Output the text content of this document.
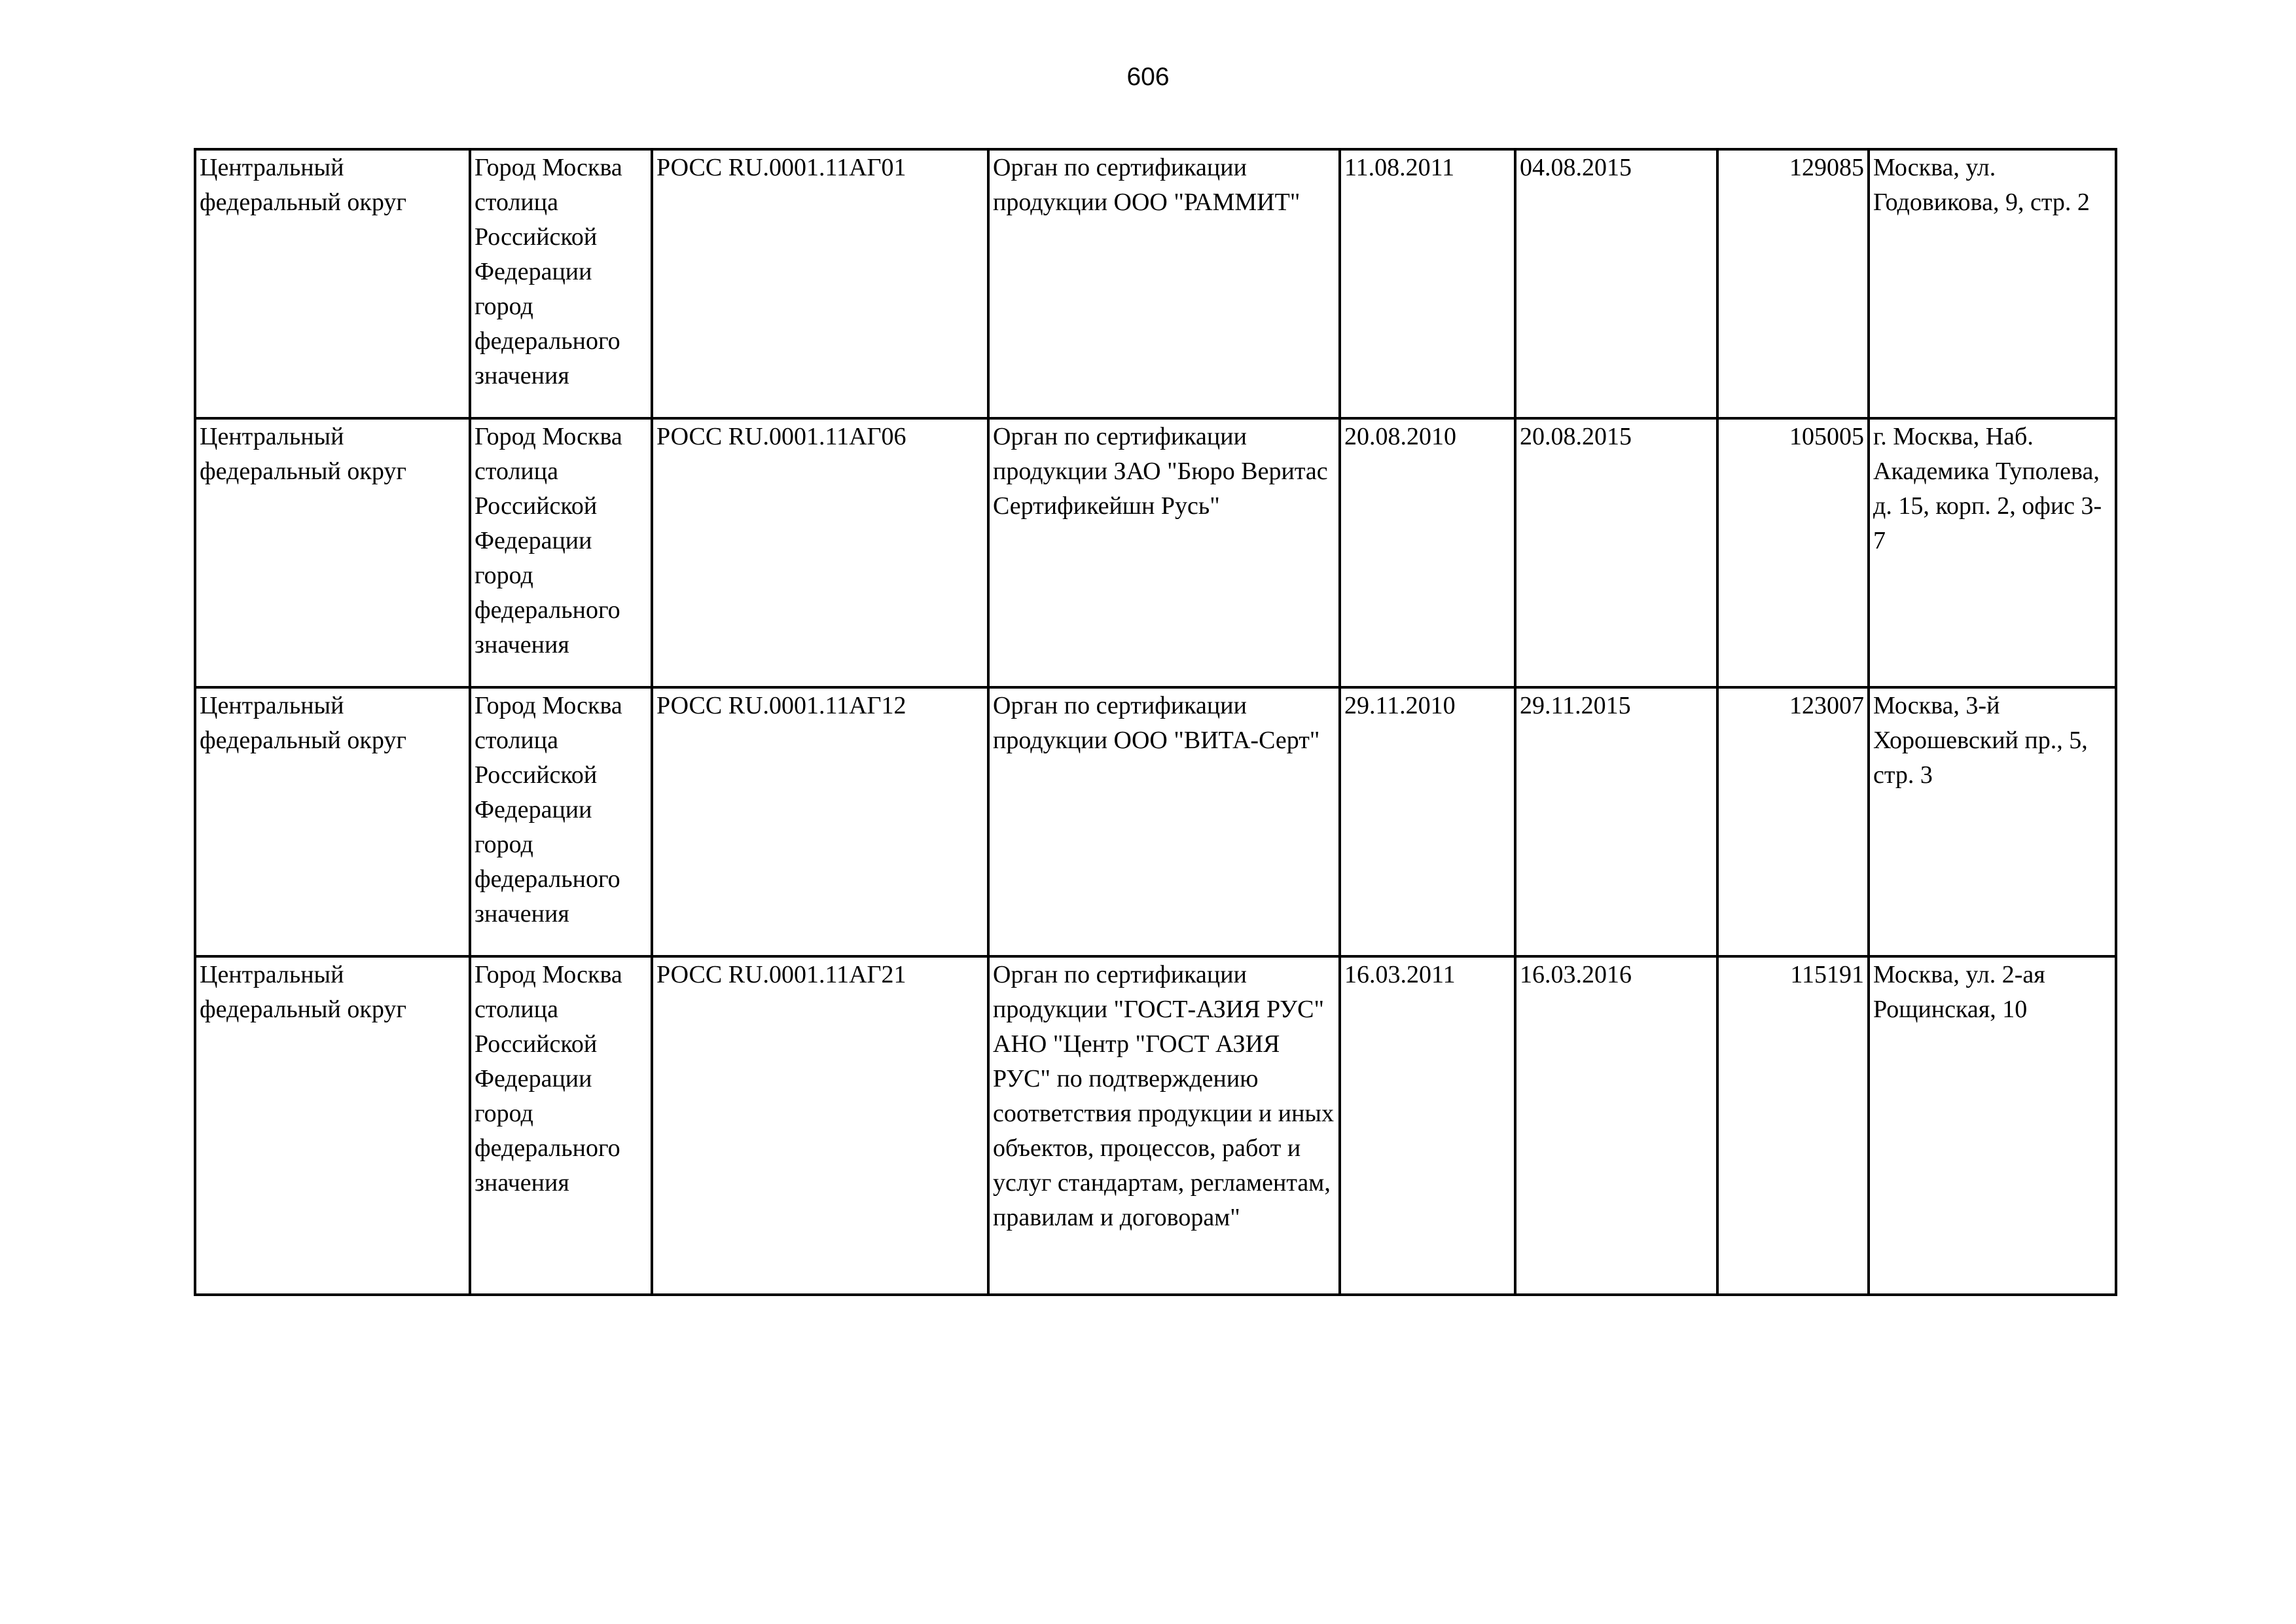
606
Центральный федеральный округ	Город Москва столица Российской Федерации город федерального значения	РОСС RU.0001.11АГ01	Орган по сертификации продукции ООО "РАММИТ"	11.08.2011	04.08.2015	129085	Москва, ул. Годовикова, 9, стр. 2

Центральный федеральный округ	Город Москва столица Российской Федерации город федерального значения	РОСС RU.0001.11АГ06	Орган по сертификации продукции ЗАО "Бюро Веритас Сертификейшн Русь"	20.08.2010	20.08.2015	105005	г. Москва, Наб. Академика Туполева, д. 15, корп. 2, офис 3-7

Центральный федеральный округ	Город Москва столица Российской Федерации город федерального значения	РОСС RU.0001.11АГ12	Орган по сертификации продукции ООО "ВИТА-Серт"	29.11.2010	29.11.2015	123007	Москва, 3-й Хорошевский пр., 5, стр. 3

Центральный федеральный округ	Город Москва столица Российской Федерации город федерального значения	РОСС RU.0001.11АГ21	Орган по сертификации продукции "ГОСТ-АЗИЯ РУС" АНО "Центр "ГОСТ АЗИЯ РУС" по подтверждению соответствия продукции и иных объектов, процессов, работ и услуг стандартам, регламентам, правилам и договорам"	16.03.2011	16.03.2016	115191	Москва, ул. 2-ая Рощинская, 10
